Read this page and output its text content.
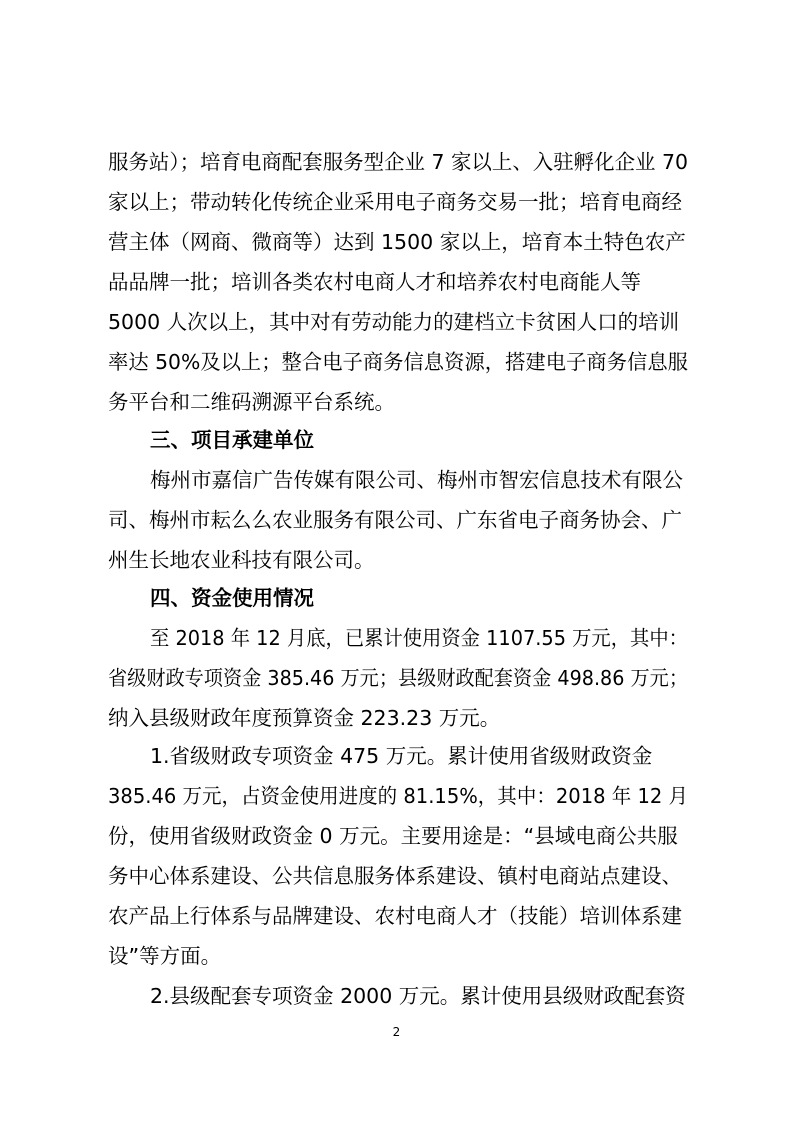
服务站）；培育电商配套服务型企业 7 家以上、入驻孵化企业 70
家以上；带动转化传统企业采用电子商务交易一批；培育电商经
营主体（网商、微商等）达到 1500 家以上，培育本土特色农产
品品牌一批；培训各类农村电商人才和培养农村电商能人等
5000 人次以上，其中对有劳动能力的建档立卡贫困人口的培训
率达 50%及以上；整合电子商务信息资源，搭建电子商务信息服
务平台和二维码溯源平台系统。
三、项目承建单位
梅州市嘉信广告传媒有限公司、梅州市智宏信息技术有限公
司、梅州市耘么么农业服务有限公司、广东省电子商务协会、广
州生长地农业科技有限公司。
四、资金使用情况
至 2018 年 12 月底，已累计使用资金 1107.55 万元，其中：
省级财政专项资金 385.46 万元；县级财政配套资金 498.86 万元；
纳入县级财政年度预算资金 223.23 万元。
1.省级财政专项资金 475 万元。累计使用省级财政资金
385.46 万元，占资金使用进度的 81.15%，其中：2018 年 12 月
份，使用省级财政资金 0 万元。主要用途是：“县域电商公共服
务中心体系建设、公共信息服务体系建设、镇村电商站点建设、
农产品上行体系与品牌建设、农村电商人才（技能）培训体系建
设”等方面。
2.县级配套专项资金 2000 万元。累计使用县级财政配套资
2
